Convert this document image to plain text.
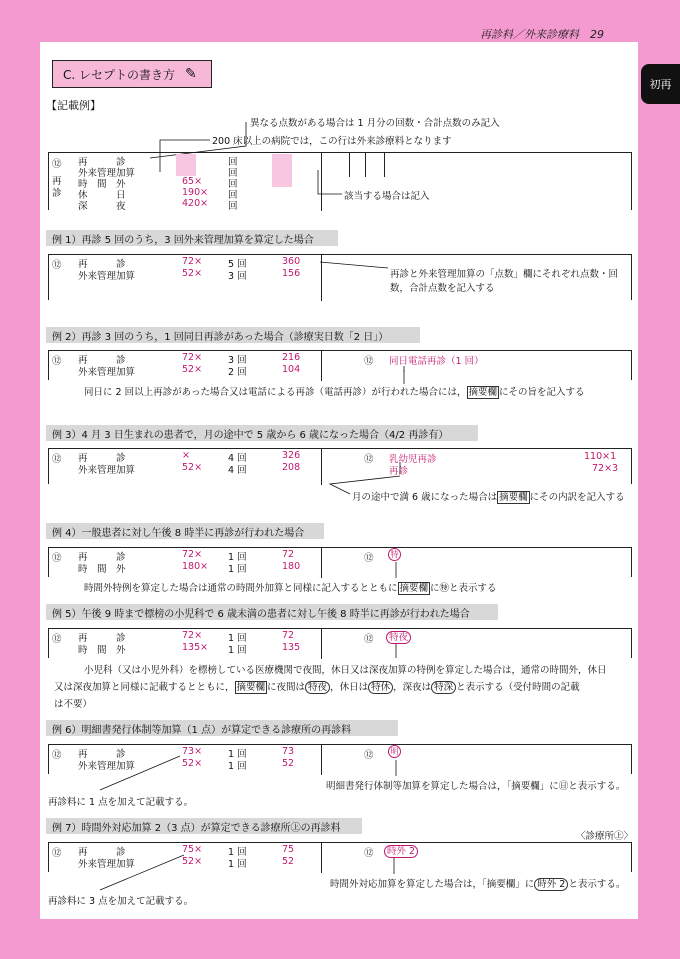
再診料／外来診療料　29
初再
C. レセプトの書き方 ✎
【記載例】
異なる点数がある場合は 1 月分の回数・合計点数のみ記入
200 床以上の病院では，この行は外来診療料となります
⑫
再診
再　　　診	回
外来管理加算	回
時　間　外	65×	回
休　　　日	190× 回
深　　　夜	420× 回
該当する場合は記入
例 1）再診 5 回のうち，3 回外来管理加算を算定した場合
⑫ 再　　　診	72×	5 回	360
外来管理加算	52×	3 回	156	再診と外来管理加算の「点数」欄にそれぞれ点数・回
数，合計点数を記入する
例 2）再診 3 回のうち，1 回同日再診があった場合（診療実日数「2 日」）
⑫ 再　　　診	72×	3 回	216
外来管理加算	52×	2 回	104
⑫ 同日電話再診（1 回）
同日に 2 回以上再診があった場合又は電話による再診（電話再診）が行われた場合には， 摘要欄 にその旨を記入する
例 3）4 月 3 日生まれの患者で，月の途中で 5 歳から 6 歳になった場合（4/2 再診有）
⑫ 再　　　診	×	4 回	326
外来管理加算	52×	4 回	208
⑫ 乳幼児再診	110×1
再診	72×3
月の途中で満 6 歳になった場合は 摘要欄 にその内訳を記入する
例 4）一般患者に対し午後 8 時半に再診が行われた場合
⑫ 再　　　診	72×	1 回	72
時　間　外	180× 1 回	180
⑫	特
時間外特例を算定した場合は通常の時間外加算と同様に記入するとともに 摘要欄 に㊕と表示する
例 5）午後 9 時まで標榜の小児科で 6 歳未満の患者に対し午後 8 時半に再診が行われた場合
⑫ 再　　　診	72×	1 回	72
時　間　外	135× 1 回	135
⑫	特夜
小児科（又は小児外科）を標榜している医療機関で夜間，休日又は深夜加算の特例を算定した場合は，通常の時間外，休日
又は深夜加算と同様に記載するとともに， 摘要欄 に夜間は 特夜 ，休日は 特休 ，深夜は 特深 と表示する（受付時間の記載
は不要）
例 6）明細書発行体制等加算（1 点）が算定できる診療所の再診料
⑫ 再　　　診	73×	1 回	73
外来管理加算	52×	1 回	52
⑫	明
明細書発行体制等加算を算定した場合は，「摘要欄」に㊐と表示する。
再診料に 1 点を加えて記載する。
例 7）時間外対応加算 2（3 点）が算定できる診療所㊤の再診料
〈診療所㊤〉
⑫ 再　　　診	75×	1 回	75
外来管理加算	52×	1 回	52
⑫	時外 2
時間外対応加算を算定した場合は，「摘要欄」に 時外 2 と表示する。
再診料に 3 点を加えて記載する。
